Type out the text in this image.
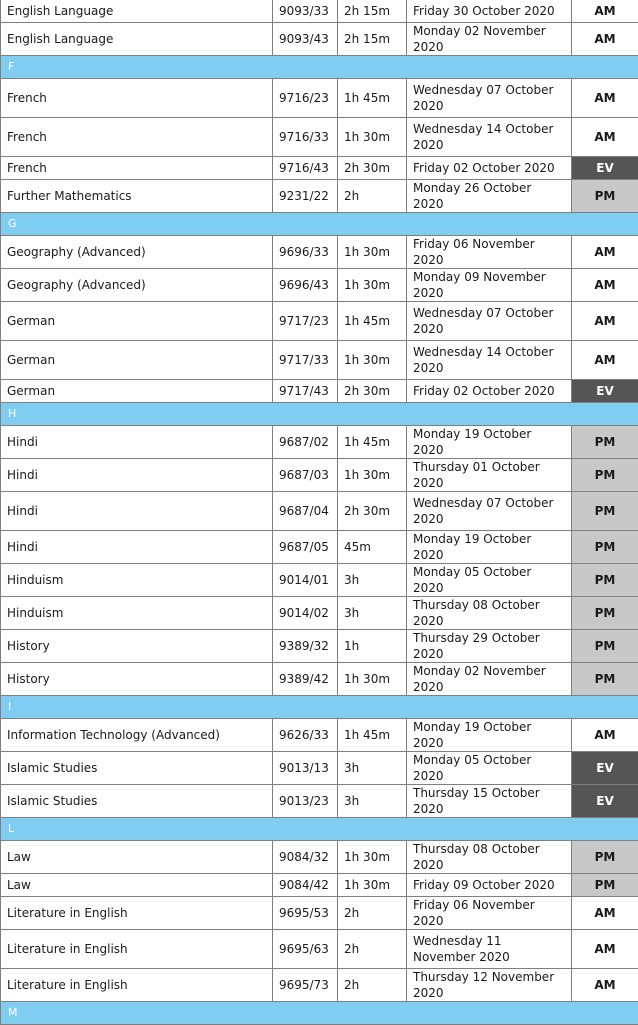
English Language	9093/33	2h 15m	Friday 30 October 2020	AM
English Language	9093/43	2h 15m	Monday 02 November 2020	AM
F				
French	9716/23	1h 45m	Wednesday 07 October 2020	AM
French	9716/33	1h 30m	Wednesday 14 October 2020	AM
French	9716/43	2h 30m	Friday 02 October 2020	EV
Further Mathematics	9231/22	2h	Monday 26 October 2020	PM
G				
Geography (Advanced)	9696/33	1h 30m	Friday 06 November 2020	AM
Geography (Advanced)	9696/43	1h 30m	Monday 09 November 2020	AM
German	9717/23	1h 45m	Wednesday 07 October 2020	AM
German	9717/33	1h 30m	Wednesday 14 October 2020	AM
German	9717/43	2h 30m	Friday 02 October 2020	EV
H				
Hindi	9687/02	1h 45m	Monday 19 October 2020	PM
Hindi	9687/03	1h 30m	Thursday 01 October 2020	PM
Hindi	9687/04	2h 30m	Wednesday 07 October 2020	PM
Hindi	9687/05	45m	Monday 19 October 2020	PM
Hinduism	9014/01	3h	Monday 05 October 2020	PM
Hinduism	9014/02	3h	Thursday 08 October 2020	PM
History	9389/32	1h	Thursday 29 October 2020	PM
History	9389/42	1h 30m	Monday 02 November 2020	PM
I				
Information Technology (Advanced)	9626/33	1h 45m	Monday 19 October 2020	AM
Islamic Studies	9013/13	3h	Monday 05 October 2020	EV
Islamic Studies	9013/23	3h	Thursday 15 October 2020	EV
L				
Law	9084/32	1h 30m	Thursday 08 October 2020	PM
Law	9084/42	1h 30m	Friday 09 October 2020	PM
Literature in English	9695/53	2h	Friday 06 November 2020	AM
Literature in English	9695/63	2h	Wednesday 11 November 2020	AM
Literature in English	9695/73	2h	Thursday 12 November 2020	AM
M				
